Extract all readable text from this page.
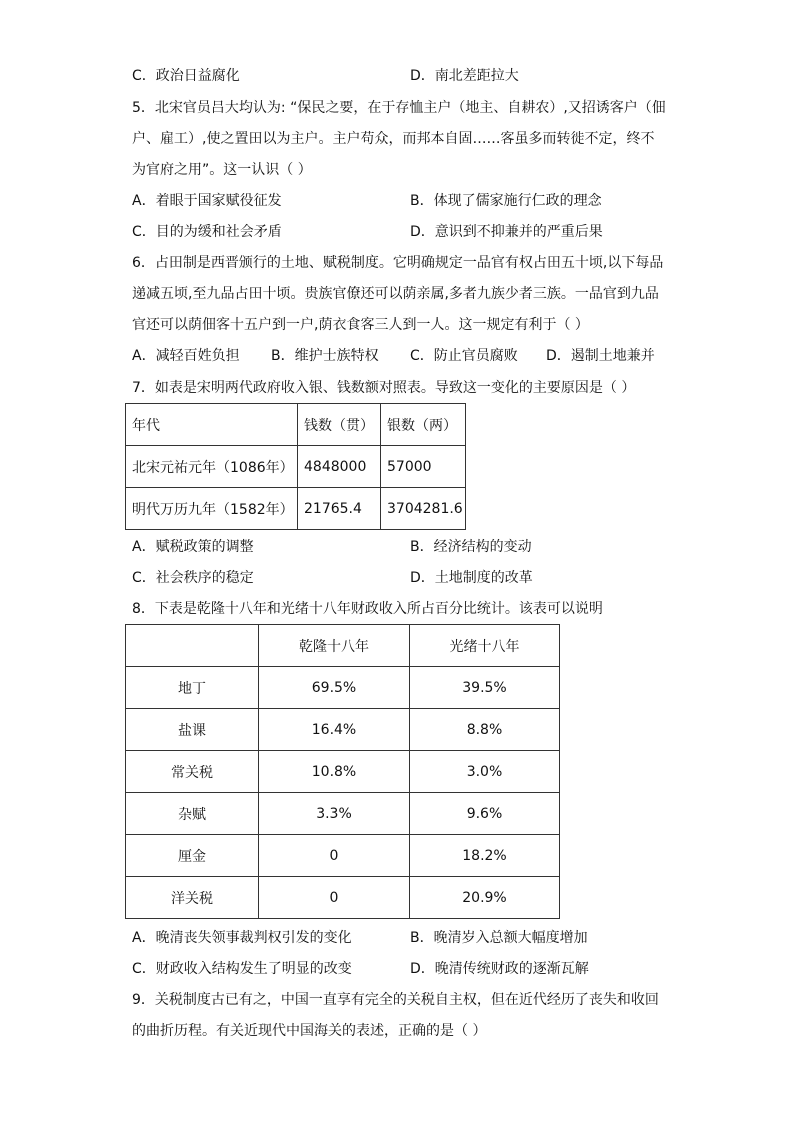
C．政治日益腐化	D．南北差距拉大
5．北宋官员吕大均认为: “保民之要，在于存恤主户（地主、自耕农）,又招诱客户（佃
户、雇工）,使之置田以为主户。主户苟众，而邦本自固……客虽多而转徙不定，终不
为官府之用”。这一认识（ ）
A．着眼于国家赋役征发	B．体现了儒家施行仁政的理念
C．目的为缓和社会矛盾	D．意识到不抑兼并的严重后果
6．占田制是西晋颁行的土地、赋税制度。它明确规定一品官有权占田五十顷,以下每品
递减五顷,至九品占田十顷。贵族官僚还可以荫亲属,多者九族少者三族。一品官到九品
官还可以荫佃客十五户到一户,荫衣食客三人到一人。这一规定有利于（ ）
A．减轻百姓负担 B．维护士族特权 C．防止官员腐败 D．遏制土地兼并
7．如表是宋明两代政府收入银、钱数额对照表。导致这一变化的主要原因是（ ）
年代	钱数（贯）	银数（两）
北宋元祐元年（1086年）	4848000	57000
明代万历九年（1582年）	21765.4	3704281.6
A．赋税政策的调整	B．经济结构的变动
C．社会秩序的稳定	D．土地制度的改革
8．下表是乾隆十八年和光绪十八年财政收入所占百分比统计。该表可以说明
	乾隆十八年	光绪十八年
地丁	69.5%	39.5%
盐课	16.4%	8.8%
常关税	10.8%	3.0%
杂赋	3.3%	9.6%
厘金	0	18.2%
洋关税	0	20.9%
A．晚清丧失领事裁判权引发的变化	B．晚清岁入总额大幅度增加
C．财政收入结构发生了明显的改变	D．晚清传统财政的逐渐瓦解
9．关税制度古已有之，中国一直享有完全的关税自主权，但在近代经历了丧失和收回
的曲折历程。有关近现代中国海关的表述，正确的是（ ）
